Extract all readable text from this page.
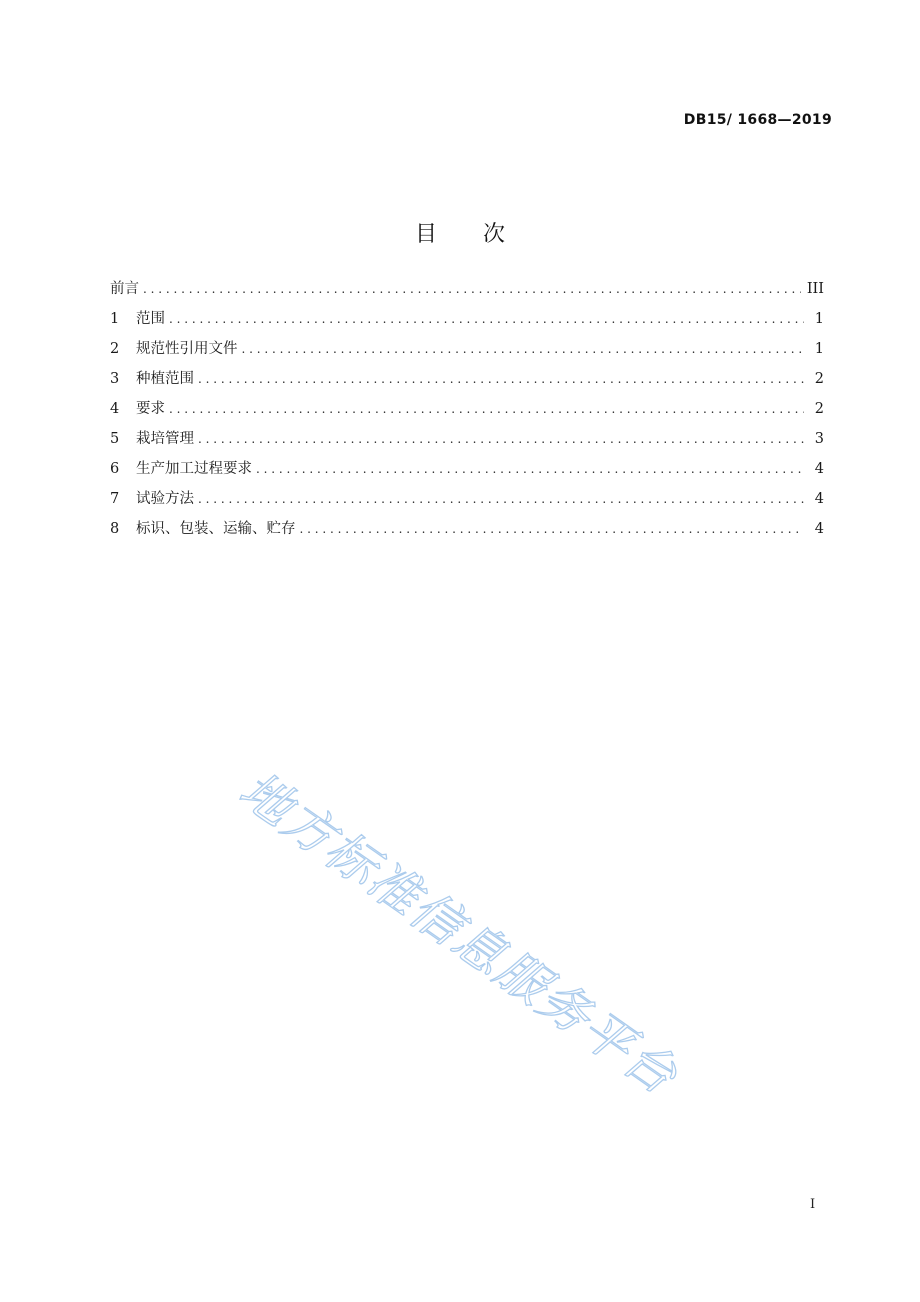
DB15/ 1668—2019
目 次
前言 . . .	III
1	范围 . . .	1
2	规范性引用文件 . . .	1
3	种植范围 . . .	2
4	要求 . . .	2
5	栽培管理 . . .	3
6	生产加工过程要求 . . .	4
7	试验方法 . . .	4
8	标识、包装、运输、贮存 . . .	4
地方标准信息服务平台
I
